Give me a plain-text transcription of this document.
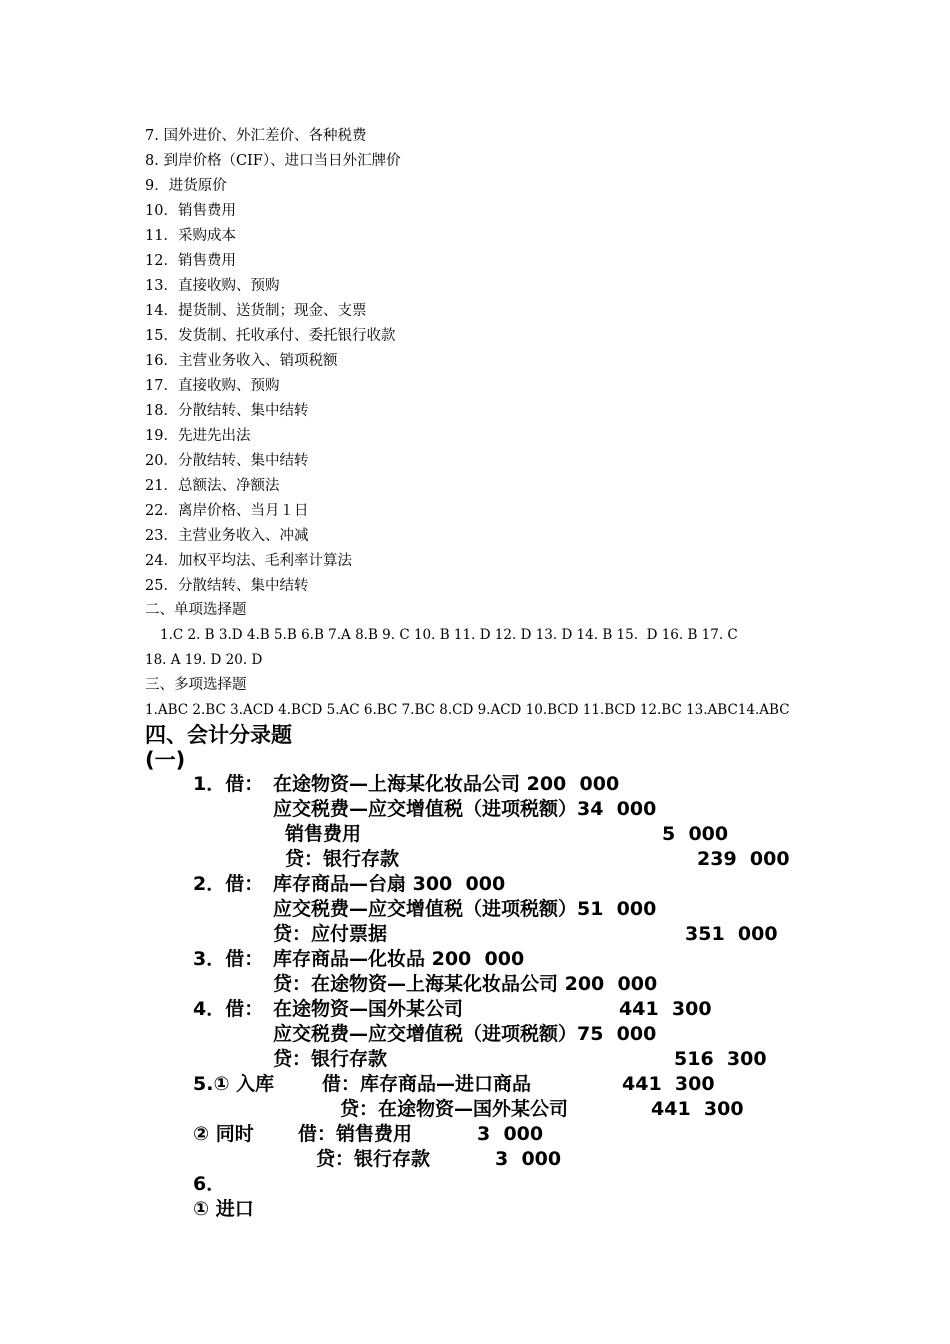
7. 国外进价、外汇差价、各种税费
8. 到岸价格（CIF）、进口当日外汇牌价
9．进货原价
10．销售费用
11．采购成本
12．销售费用
13．直接收购、预购
14．提货制、送货制；现金、支票
15．发货制、托收承付、委托银行收款
16．主营业务收入、销项税额
17．直接收购、预购
18．分散结转、集中结转
19．先进先出法
20．分散结转、集中结转
21．总额法、净额法
22．离岸价格、当月１日
23．主营业务收入、冲减
24．加权平均法、毛利率计算法
25．分散结转、集中结转
二、单项选择题
1.C 2. B 3.D 4.B 5.B 6.B 7.A 8.B 9. C 10. B 11. D 12. D 13. D 14. B 15.  D 16. B 17. C
18. A 19. D 20. D
三、多项选择题
1.ABC 2.BC 3.ACD 4.BCD 5.AC 6.BC 7.BC 8.CD 9.ACD 10.BCD 11.BCD 12.BC 13.ABC14.ABC
四、会计分录题
(一)
1．借： 在途物资—上海某化妆品公司 200  000
应交税费—应交增值税（进项税额）34  000
销售费用	5  000
贷：银行存款	239  000
2．借： 库存商品—台扇 300  000
应交税费—应交增值税（进项税额）51  000
贷：应付票据	351  000
3．借： 库存商品—化妆品 200  000
贷：在途物资—上海某化妆品公司 200  000
4．借： 在途物资—国外某公司	441  300
应交税费—应交增值税（进项税额）75  000
贷：银行存款	516  300
5.① 入库	借：库存商品—进口商品	441  300
贷：在途物资—国外某公司	441  300
② 同时 借：销售费用	3  000
贷：银行存款	3  000
6．
① 进口
